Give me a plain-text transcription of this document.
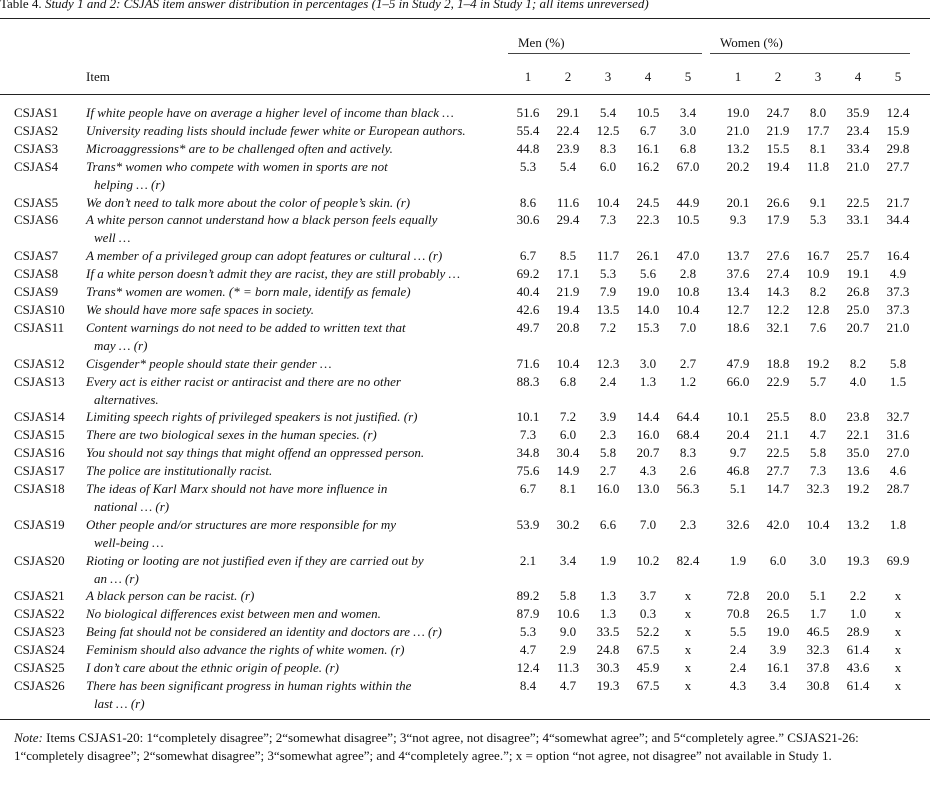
Table 4. Study 1 and 2: CSJAS item answer distribution in percentages (1–5 in Study 2, 1–4 in Study 1; all items unreversed)
Men (%)	Women (%)
Item	1	2	3	4	5	1	2	3	4	5
CSJAS1	If white people have on average a higher level of income than black …	51.6	29.1	5.4	10.5	3.4		19.0	24.7	8.0	35.9	12.4
CSJAS2	University reading lists should include fewer white or European authors.	55.4	22.4	12.5	6.7	3.0		21.0	21.9	17.7	23.4	15.9
CSJAS3	Microaggressions* are to be challenged often and actively.	44.8	23.9	8.3	16.1	6.8		13.2	15.5	8.1	33.4	29.8
CSJAS4	Trans* women who compete with women in sports are not
helping … (r)	5.3	5.4	6.0	16.2	67.0		20.2	19.4	11.8	21.0	27.7
CSJAS5	We don’t need to talk more about the color of people’s skin. (r)	8.6	11.6	10.4	24.5	44.9		20.1	26.6	9.1	22.5	21.7
CSJAS6	A white person cannot understand how a black person feels equally
well …	30.6	29.4	7.3	22.3	10.5		9.3	17.9	5.3	33.1	34.4
CSJAS7	A member of a privileged group can adopt features or cultural … (r)	6.7	8.5	11.7	26.1	47.0		13.7	27.6	16.7	25.7	16.4
CSJAS8	If a white person doesn’t admit they are racist, they are still probably …	69.2	17.1	5.3	5.6	2.8		37.6	27.4	10.9	19.1	4.9
CSJAS9	Trans* women are women. (* = born male, identify as female)	40.4	21.9	7.9	19.0	10.8		13.4	14.3	8.2	26.8	37.3
CSJAS10	We should have more safe spaces in society.	42.6	19.4	13.5	14.0	10.4		12.7	12.2	12.8	25.0	37.3
CSJAS11	Content warnings do not need to be added to written text that
may … (r)	49.7	20.8	7.2	15.3	7.0		18.6	32.1	7.6	20.7	21.0
CSJAS12	Cisgender* people should state their gender …	71.6	10.4	12.3	3.0	2.7		47.9	18.8	19.2	8.2	5.8
CSJAS13	Every act is either racist or antiracist and there are no other
alternatives.	88.3	6.8	2.4	1.3	1.2		66.0	22.9	5.7	4.0	1.5
CSJAS14	Limiting speech rights of privileged speakers is not justified. (r)	10.1	7.2	3.9	14.4	64.4		10.1	25.5	8.0	23.8	32.7
CSJAS15	There are two biological sexes in the human species. (r)	7.3	6.0	2.3	16.0	68.4		20.4	21.1	4.7	22.1	31.6
CSJAS16	You should not say things that might offend an oppressed person.	34.8	30.4	5.8	20.7	8.3		9.7	22.5	5.8	35.0	27.0
CSJAS17	The police are institutionally racist.	75.6	14.9	2.7	4.3	2.6		46.8	27.7	7.3	13.6	4.6
CSJAS18	The ideas of Karl Marx should not have more influence in
national … (r)	6.7	8.1	16.0	13.0	56.3		5.1	14.7	32.3	19.2	28.7
CSJAS19	Other people and/or structures are more responsible for my
well-being …	53.9	30.2	6.6	7.0	2.3		32.6	42.0	10.4	13.2	1.8
CSJAS20	Rioting or looting are not justified even if they are carried out by
an … (r)	2.1	3.4	1.9	10.2	82.4		1.9	6.0	3.0	19.3	69.9
CSJAS21	A black person can be racist. (r)	89.2	5.8	1.3	3.7	x		72.8	20.0	5.1	2.2	x
CSJAS22	No biological differences exist between men and women.	87.9	10.6	1.3	0.3	x		70.8	26.5	1.7	1.0	x
CSJAS23	Being fat should not be considered an identity and doctors are … (r)	5.3	9.0	33.5	52.2	x		5.5	19.0	46.5	28.9	x
CSJAS24	Feminism should also advance the rights of white women. (r)	4.7	2.9	24.8	67.5	x		2.4	3.9	32.3	61.4	x
CSJAS25	I don’t care about the ethnic origin of people. (r)	12.4	11.3	30.3	45.9	x		2.4	16.1	37.8	43.6	x
CSJAS26	There has been significant progress in human rights within the
last … (r)	8.4	4.7	19.3	67.5	x		4.3	3.4	30.8	61.4	x
Note: Items CSJAS1-20: 1“completely disagree”; 2“somewhat disagree”; 3“not agree, not disagree”; 4“somewhat agree”; and 5“completely agree.” CSJAS21-26: 1“completely disagree”; 2“somewhat disagree”; 3“somewhat agree”; and 4“completely agree.”; x = option “not agree, not disagree” not available in Study 1.
